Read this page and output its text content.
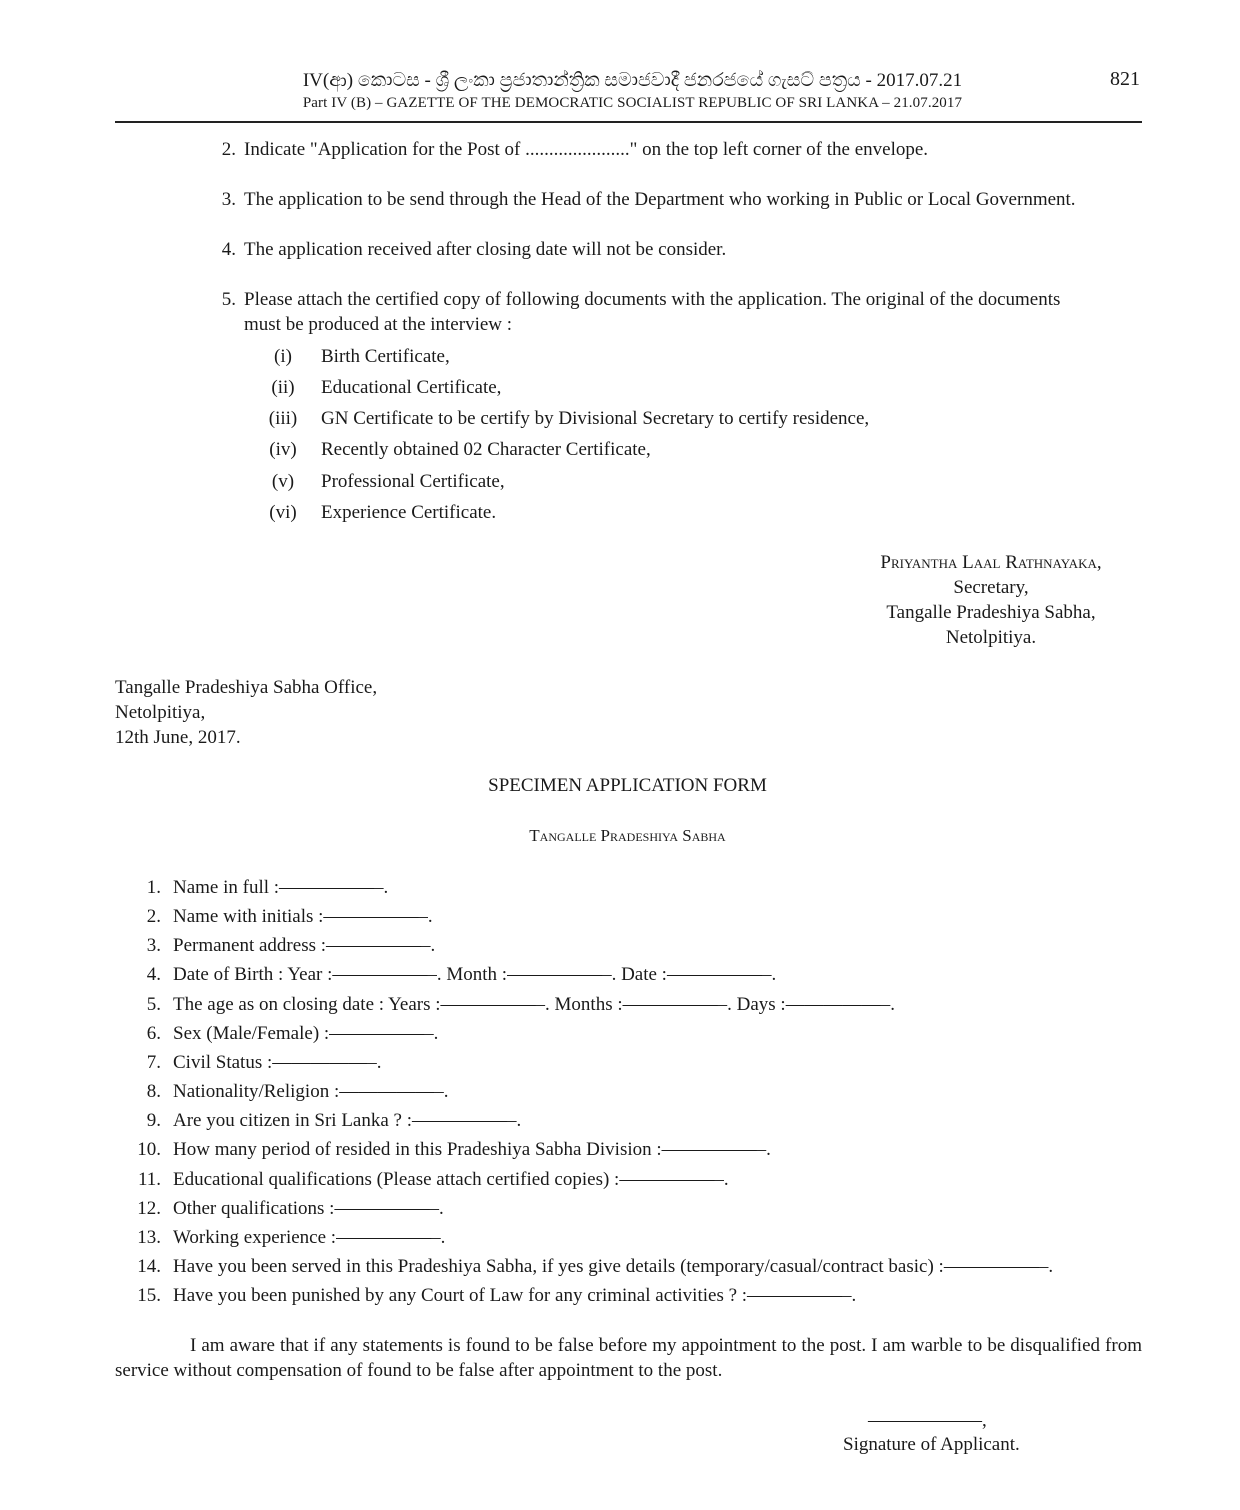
IV(ආ) කොටස - ශ්‍රී ලංකා ප්‍රජාතාන්ත්‍රික සමාජවාදී ජනරජයේ ගැසට් පත්‍රය - 2017.07.21
Part IV (B) – GAZETTE OF THE DEMOCRATIC SOCIALIST REPUBLIC OF SRI LANKA – 21.07.2017
821
2. Indicate "Application for the Post of ......................" on the top left corner of the envelope.
3. The application to be send through the Head of the Department who working in Public or Local Government.
4. The application received after closing date will not be consider.
5. Please attach the certified copy of following documents with the application. The original of the documents
must be produced at the interview :
(i)	Birth Certificate,
(ii)	Educational Certificate,
(iii)	GN Certificate to be certify by Divisional Secretary to certify residence,
(iv)	Recently obtained 02 Character Certificate,
(v)	Professional Certificate,
(vi)	Experience Certificate.
Priyantha Laal Rathnayaka,
Secretary,
Tangalle Pradeshiya Sabha,
Netolpitiya.
Tangalle Pradeshiya Sabha Office,
Netolpitiya,
12th June, 2017.
SPECIMEN APPLICATION FORM
Tangalle Pradeshiya Sabha
1. Name in full :—————–.
2. Name with initials :—————–.
3. Permanent address :—————–.
4. Date of Birth : Year :—————–. Month :—————–. Date :—————–.
5. The age as on closing date : Years :—————–. Months :—————–. Days :—————–.
6. Sex (Male/Female) :—————–.
7. Civil Status :—————–.
8. Nationality/Religion :—————–.
9. Are you citizen in Sri Lanka ? :—————–.
10. How many period of resided in this Pradeshiya Sabha Division :—————–.
11. Educational qualifications (Please attach certified copies) :—————–.
12. Other qualifications :—————–.
13. Working experience :—————–.
14. Have you been served in this Pradeshiya Sabha, if yes give details (temporary/casual/contract basic) :—————–.
15. Have you been punished by any Court of Law for any criminal activities ? :—————–.

I am aware that if any statements is found to be false before my appointment to the post. I am warble to be disqualified from service without compensation of found to be false after appointment to the post.

——————,
Signature of Applicant.
